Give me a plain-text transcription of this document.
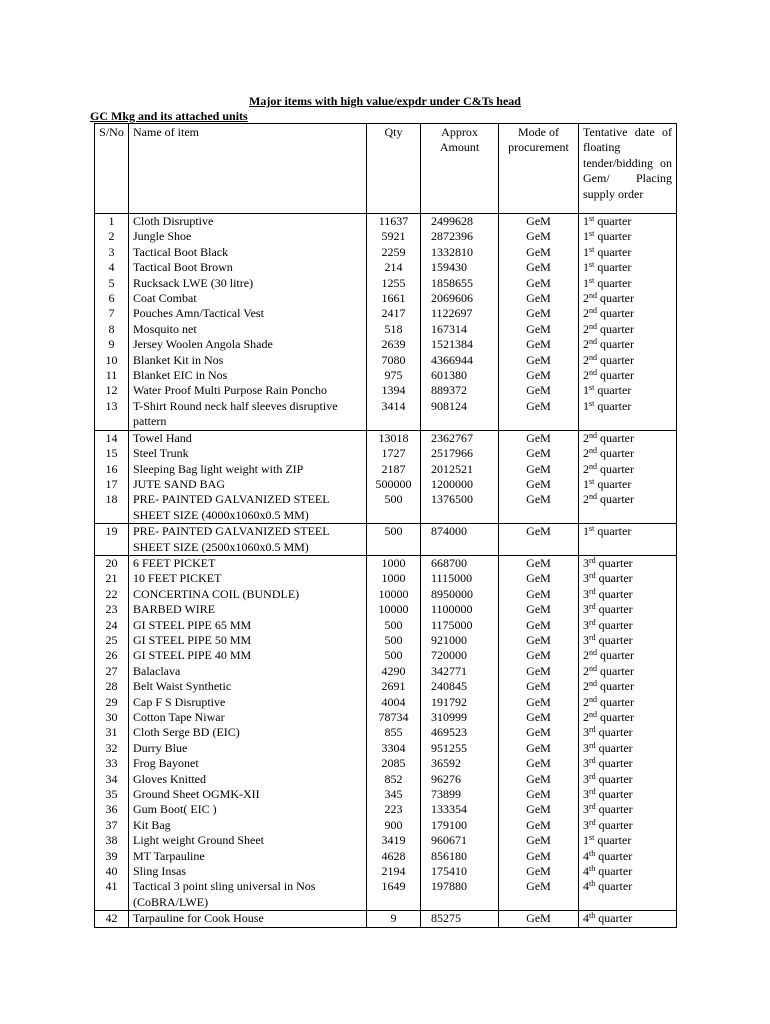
Major items with high value/expdr under C&Ts head
GC Mkg and its attached units
S/No	Name of item	Qty	Approx Amount	Mode of procurement	Tentative date of floating tender/bidding on Gem/ Placing supply order
1	Cloth Disruptive	11637	2499628	GeM	1st quarter
2	Jungle Shoe	5921	2872396	GeM	1st quarter
3	Tactical Boot Black	2259	1332810	GeM	1st quarter
4	Tactical Boot Brown	214	159430	GeM	1st quarter
5	Rucksack LWE (30 litre)	1255	1858655	GeM	1st quarter
6	Coat Combat	1661	2069606	GeM	2nd quarter
7	Pouches Amn/Tactical Vest	2417	1122697	GeM	2nd quarter
8	Mosquito net	518	167314	GeM	2nd quarter
9	Jersey Woolen Angola Shade	2639	1521384	GeM	2nd quarter
10	Blanket Kit in Nos	7080	4366944	GeM	2nd quarter
11	Blanket EIC in Nos	975	601380	GeM	2nd quarter
12	Water Proof Multi Purpose Rain Poncho	1394	889372	GeM	1st quarter
13	T-Shirt Round neck half sleeves disruptive pattern	3414	908124	GeM	1st quarter
14	Towel Hand	13018	2362767	GeM	2nd quarter
15	Steel Trunk	1727	2517966	GeM	2nd quarter
16	Sleeping Bag light weight with ZIP	2187	2012521	GeM	2nd quarter
17	JUTE SAND BAG	500000	1200000	GeM	1st quarter
18	PRE- PAINTED GALVANIZED STEEL SHEET SIZE (4000x1060x0.5 MM)	500	1376500	GeM	2nd quarter
19	PRE- PAINTED GALVANIZED STEEL SHEET SIZE (2500x1060x0.5 MM)	500	874000	GeM	1st quarter
20	6 FEET PICKET	1000	668700	GeM	3rd quarter
21	10 FEET PICKET	1000	1115000	GeM	3rd quarter
22	CONCERTINA COIL (BUNDLE)	10000	8950000	GeM	3rd quarter
23	BARBED WIRE	10000	1100000	GeM	3rd quarter
24	GI STEEL PIPE 65 MM	500	1175000	GeM	3rd quarter
25	GI STEEL PIPE 50 MM	500	921000	GeM	3rd quarter
26	GI STEEL PIPE 40 MM	500	720000	GeM	2nd quarter
27	Balaclava	4290	342771	GeM	2nd quarter
28	Belt Waist Synthetic	2691	240845	GeM	2nd quarter
29	Cap F S Disruptive	4004	191792	GeM	2nd quarter
30	Cotton Tape Niwar	78734	310999	GeM	2nd quarter
31	Cloth Serge BD (EIC)	855	469523	GeM	3rd quarter
32	Durry Blue	3304	951255	GeM	3rd quarter
33	Frog Bayonet	2085	36592	GeM	3rd quarter
34	Gloves Knitted	852	96276	GeM	3rd quarter
35	Ground Sheet OGMK-XII	345	73899	GeM	3rd quarter
36	Gum Boot( EIC )	223	133354	GeM	3rd quarter
37	Kit Bag	900	179100	GeM	3rd quarter
38	Light weight Ground Sheet	3419	960671	GeM	1st quarter
39	MT Tarpauline	4628	856180	GeM	4th quarter
40	Sling Insas	2194	175410	GeM	4th quarter
41	Tactical 3 point sling universal in Nos (CoBRA/LWE)	1649	197880	GeM	4th quarter
42	Tarpauline for Cook House	9	85275	GeM	4th quarter
